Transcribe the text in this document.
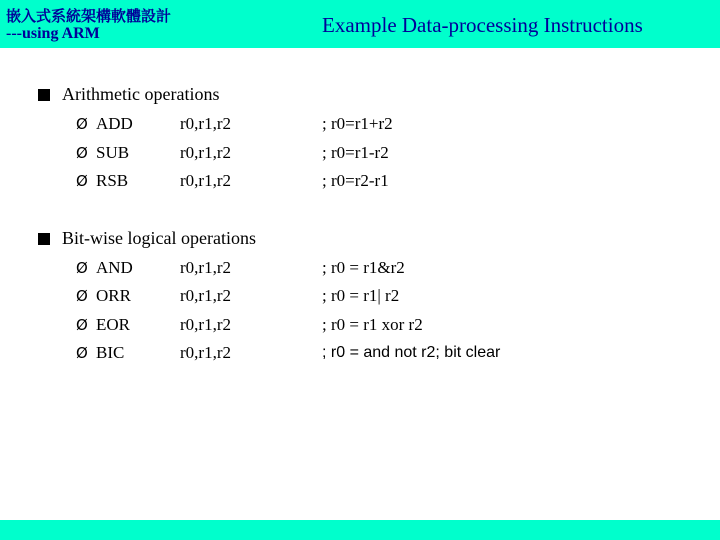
嵌入式系統架構軟體設計
---using ARM	Example Data-processing Instructions
Arithmetic operations
Ø ADD	r0,r1,r2	; r0=r1+r2
Ø SUB	r0,r1,r2	; r0=r1-r2
Ø RSB	r0,r1,r2	; r0=r2-r1
Bit-wise logical operations
Ø AND	r0,r1,r2	; r0 = r1&r2
Ø ORR	r0,r1,r2	; r0 = r1| r2
Ø EOR	r0,r1,r2	; r0 = r1 xor r2
Ø BIC	r0,r1,r2	; r0 = and not r2; bit clear
